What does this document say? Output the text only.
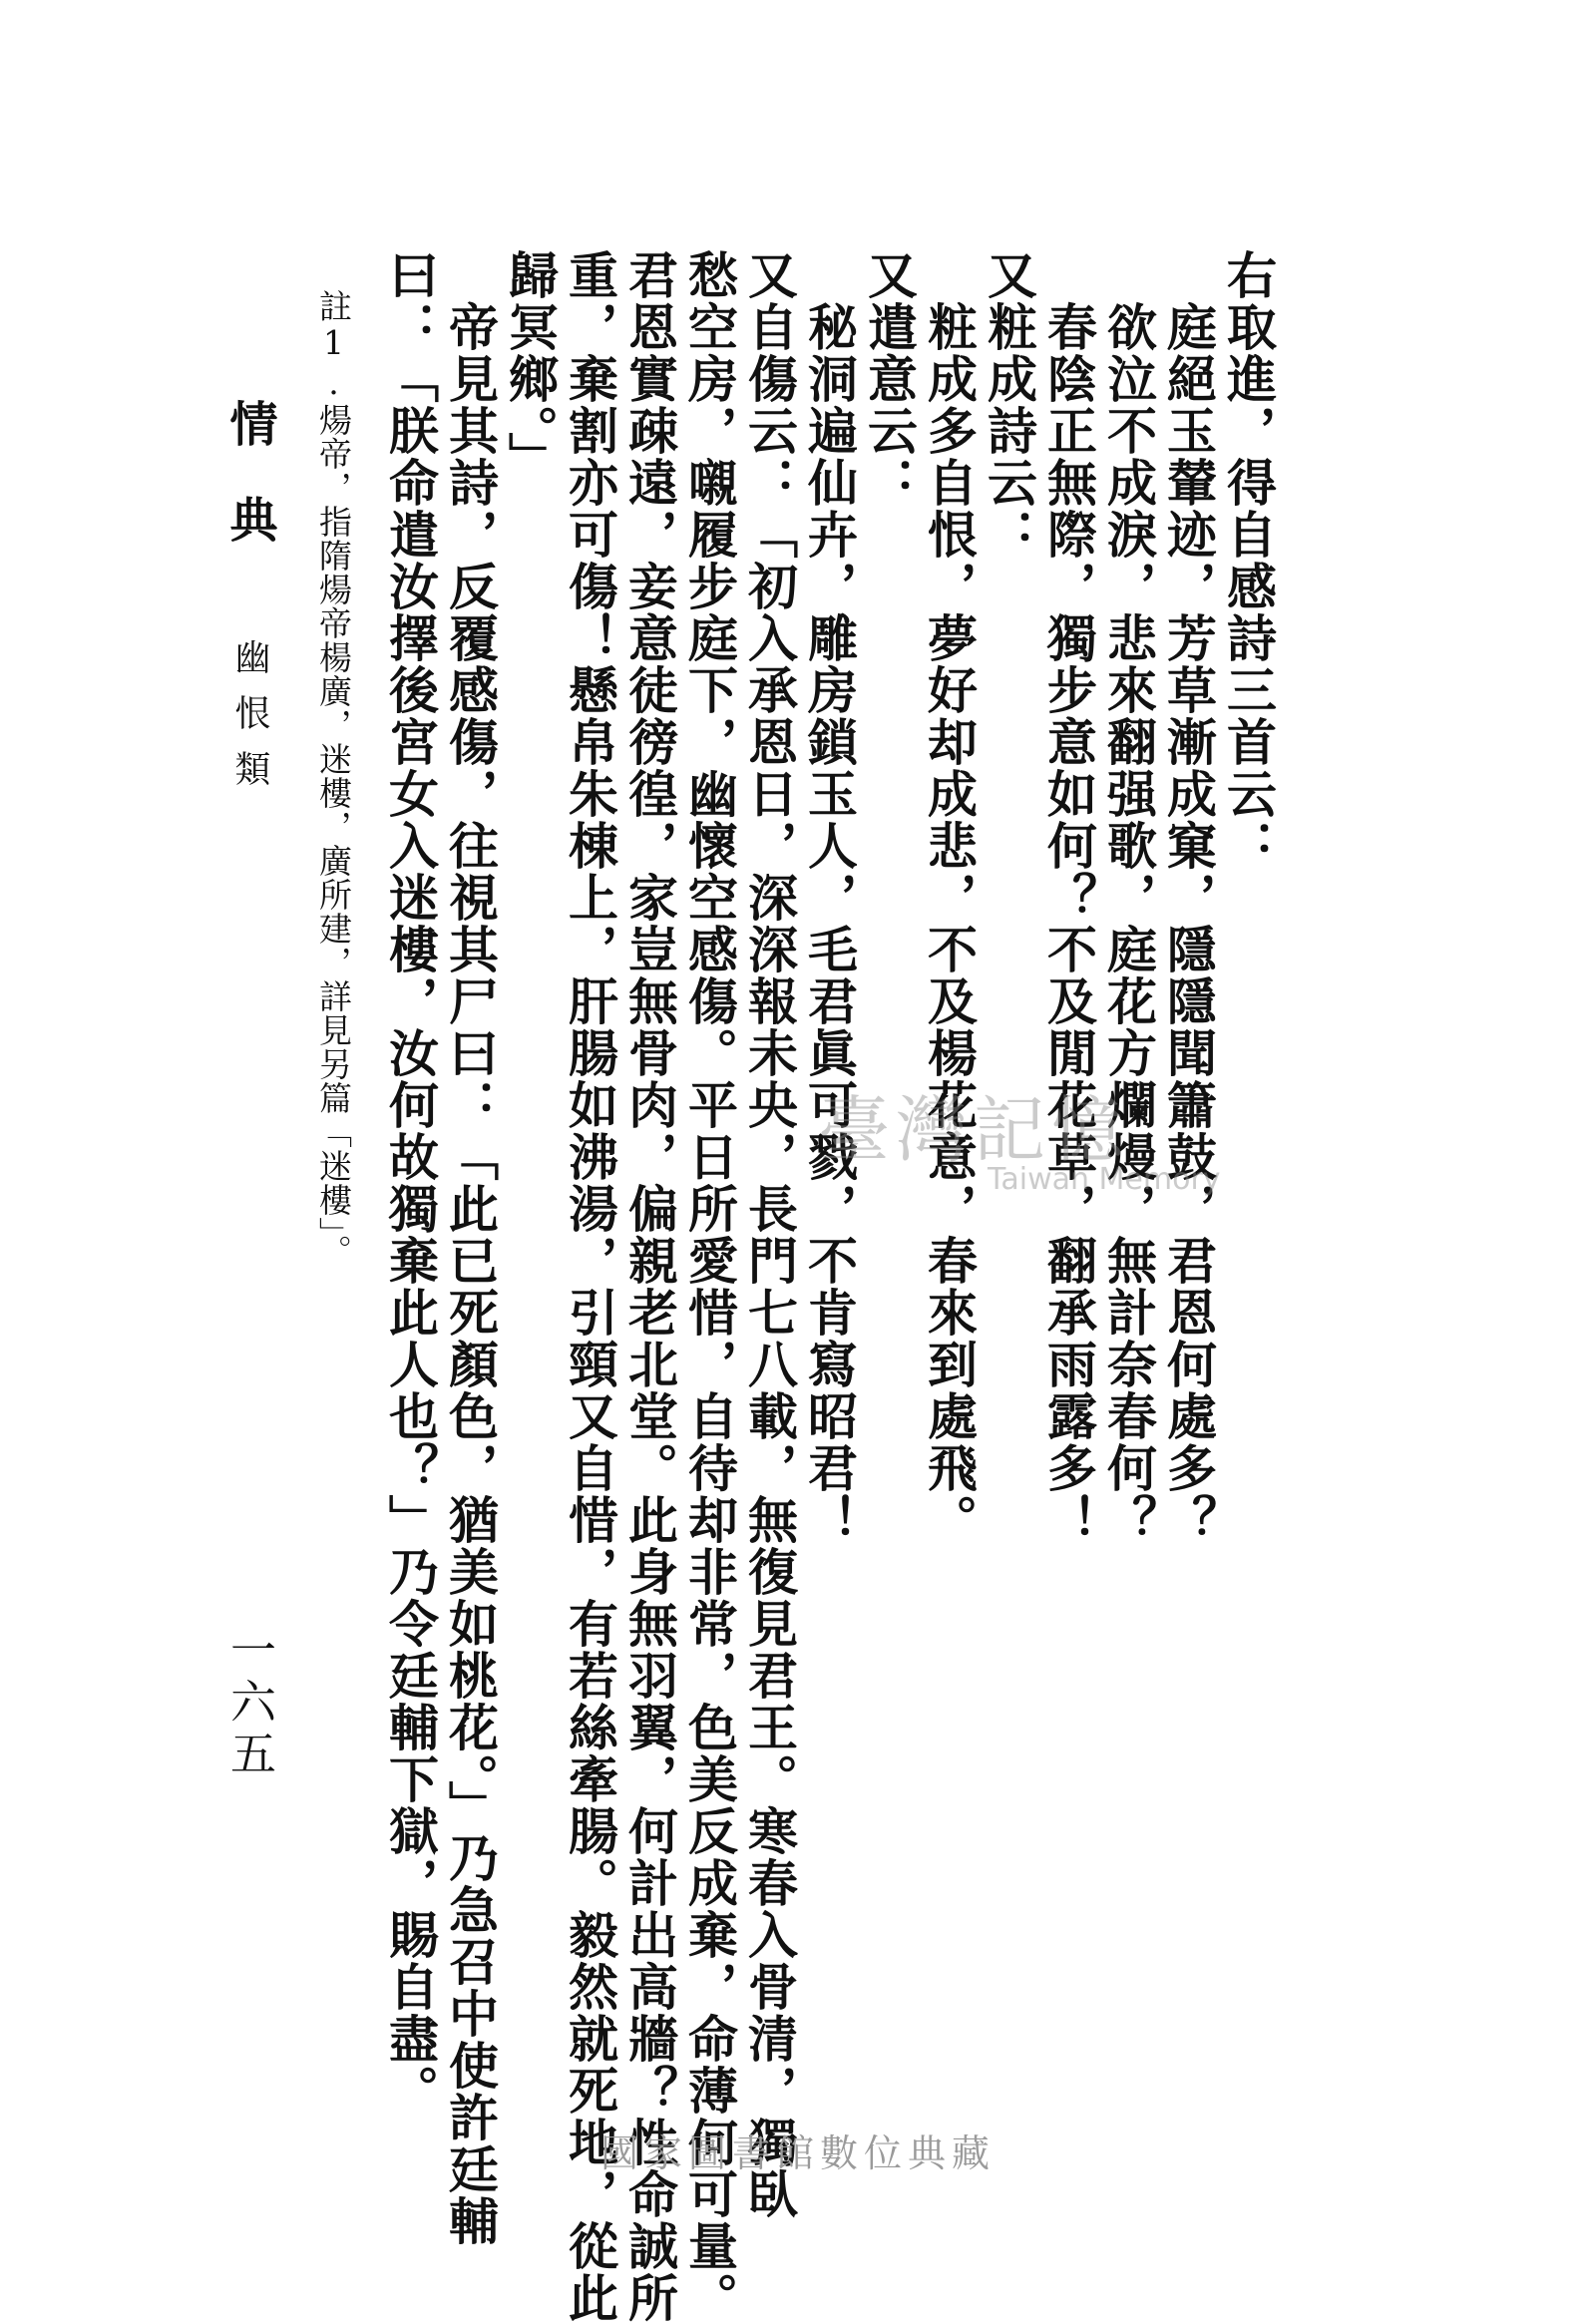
右取進，得自感詩三首云：
庭絕玉輦迹，芳草漸成窠，隱隱聞簫鼓，君恩何處多？
欲泣不成淚，悲來翻强歌，庭花方爛熳，無計奈春何？
春陰正無際，獨步意如何？不及閒花草，翻承雨露多！
又粧成詩云：
粧成多自恨，夢好却成悲，不及楊花意，春來到處飛。
又遣意云：
秘洞遍仙卉，雕房鎖玉人，毛君眞可戮，不肯寫昭君！
又自傷云：「初入承恩日，深深報未央，長門七八載，無復見君王。寒春入骨清，獨臥
愁空房，嚫履步庭下，幽懷空感傷。平日所愛惜，自待却非常，色美反成棄，命薄何可量。
君恩實疎遠，妾意徒徬徨，家豈無骨肉，偏親老北堂。此身無羽翼，何計出高牆？性命誠所
重，棄割亦可傷！懸帛朱棟上，肝腸如沸湯，引頸又自惜，有若絲牽腸。毅然就死地，從此
歸冥鄉。」
帝見其詩，反覆感傷，往視其尸曰：「此已死顏色，猶美如桃花。」乃急召中使許廷輔
曰：「朕命遣汝擇後宮女入迷樓，汝何故獨棄此人也？」乃令廷輔下獄，賜自盡。
註1.煬帝，指隋煬帝楊廣，迷樓，廣所建，詳見另篇「迷樓」。
情典
幽恨類
一六五
臺灣記憶
Taiwan Memory
國家圖書館數位典藏
